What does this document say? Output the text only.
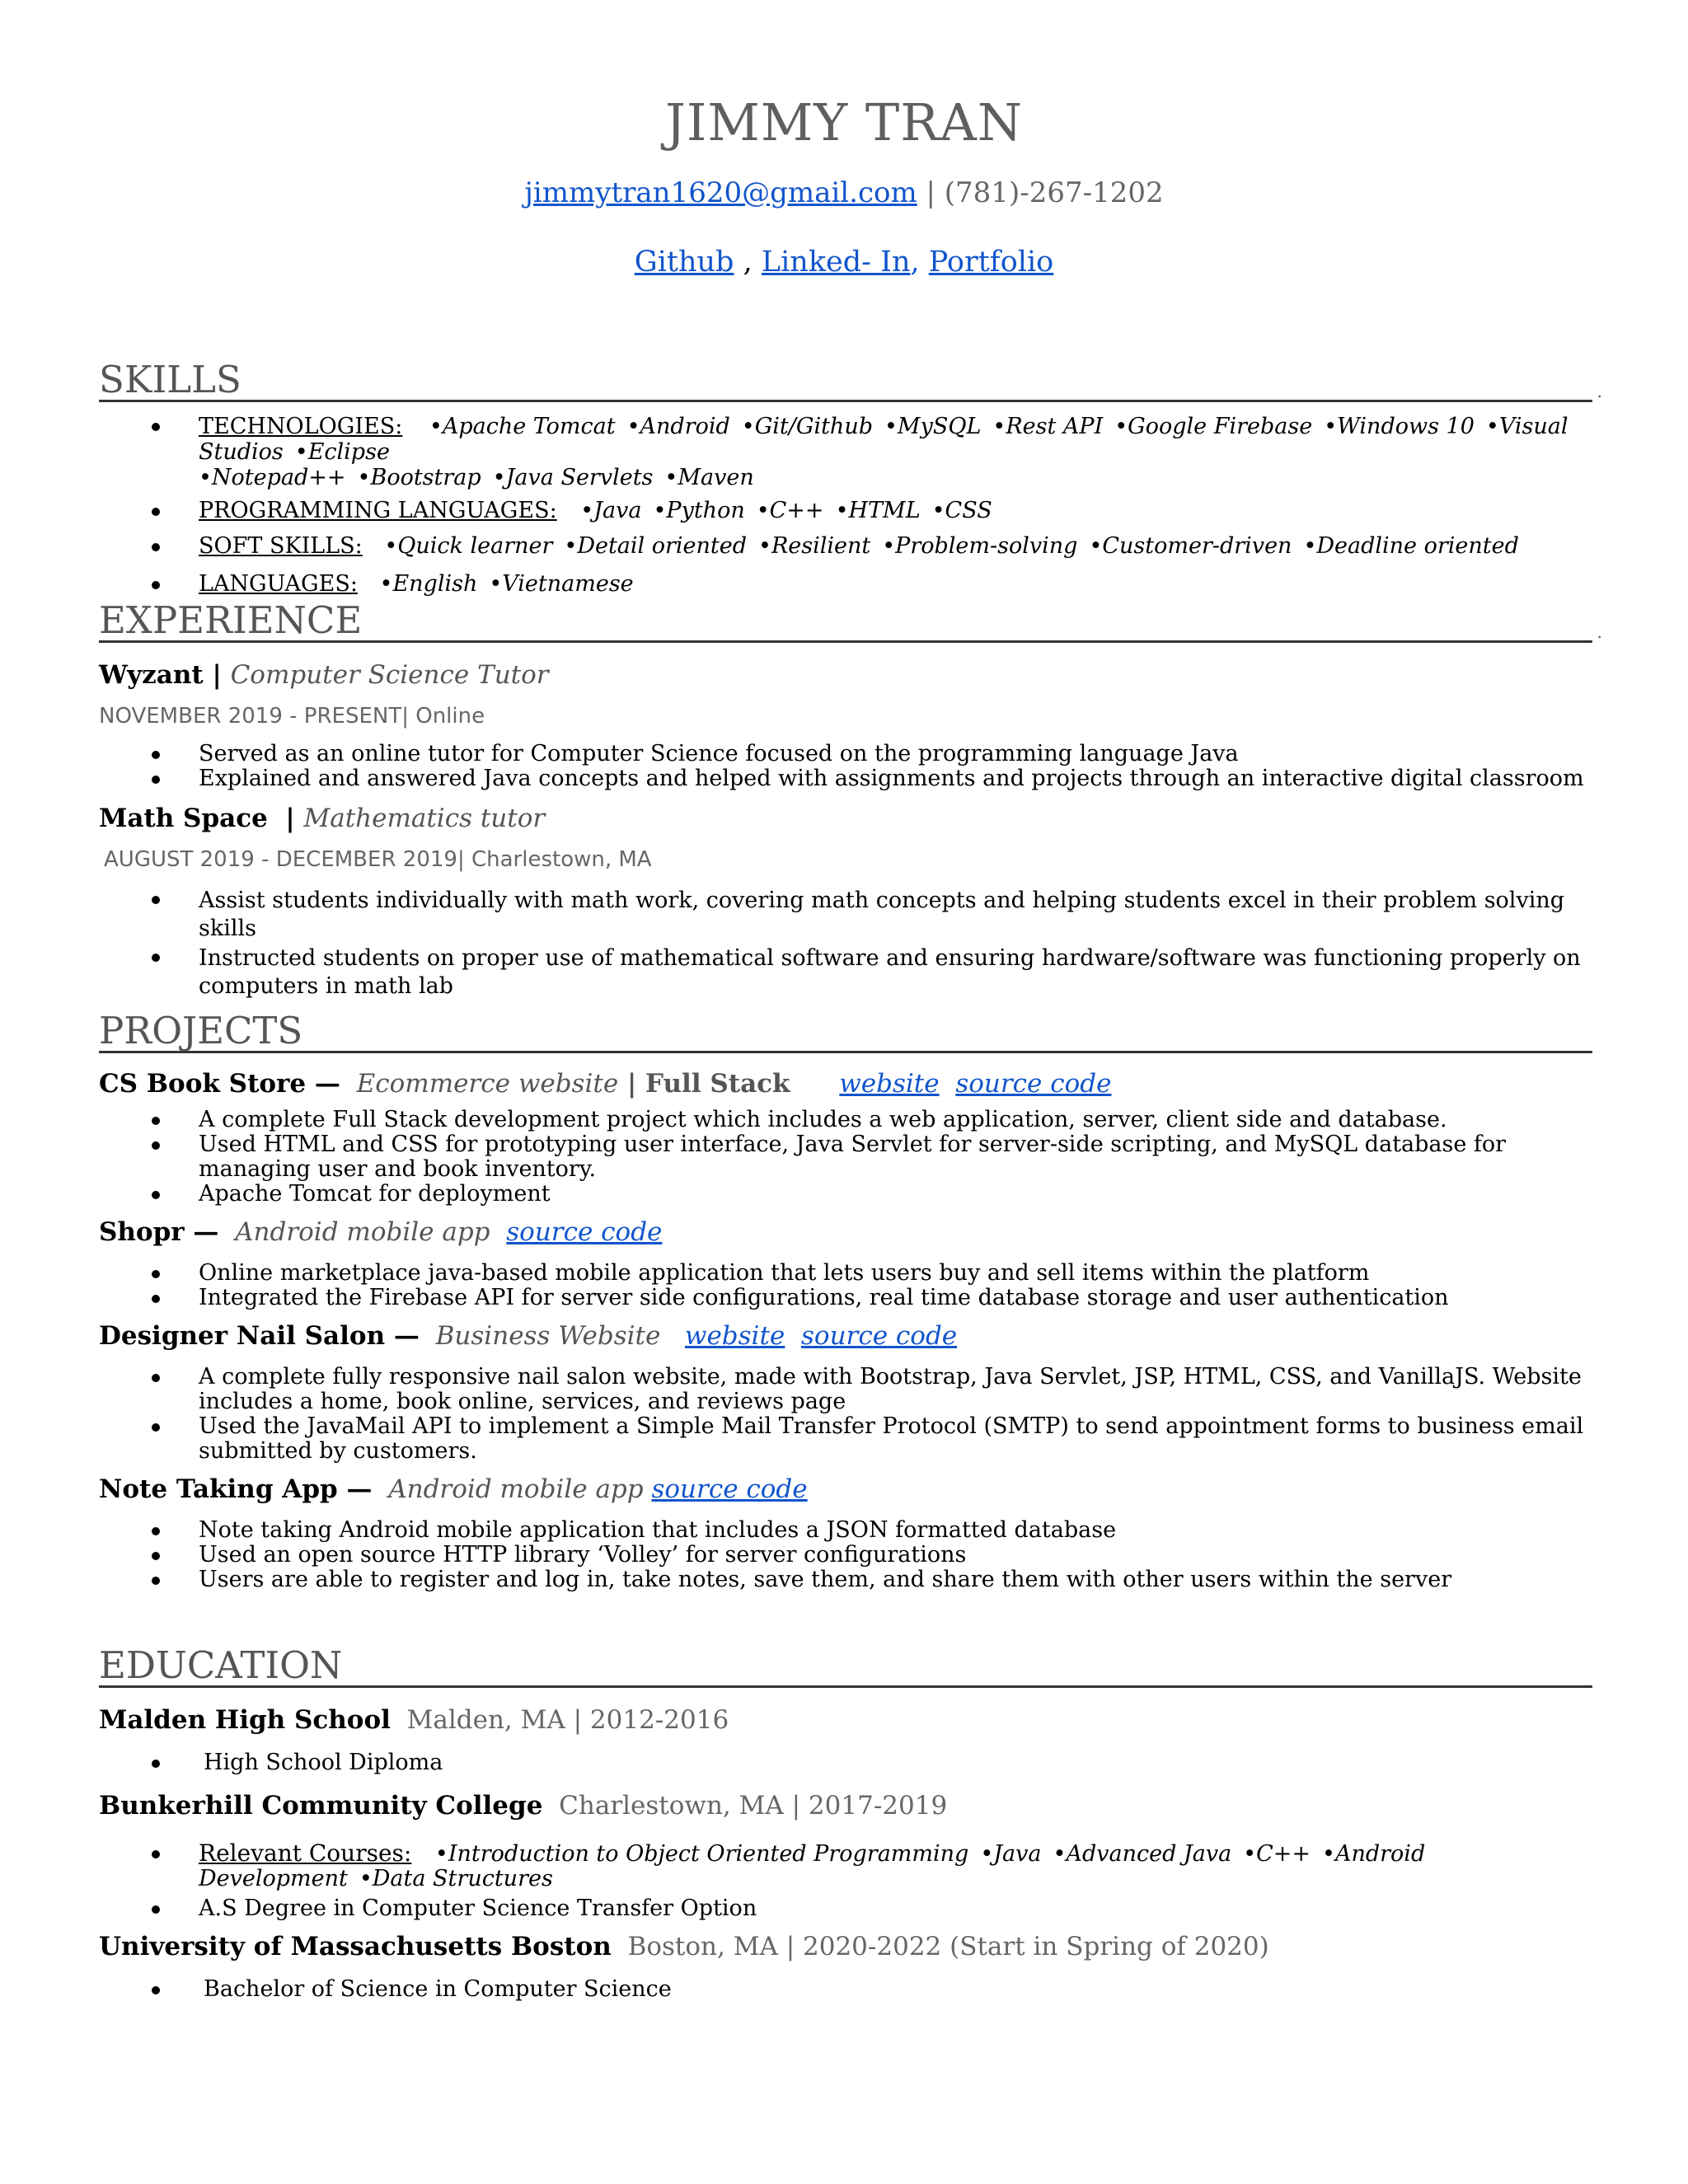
JIMMY TRAN
jimmytran1620@gmail.com | (781)-267-1202
Github , Linked- In, Portfolio
SKILLS	.
TECHNOLOGIES: •Apache Tomcat •Android •Git/Github •MySQL •Rest API •Google Firebase •Windows 10 •Visual Studios •Eclipse
•Notepad++ •Bootstrap •Java Servlets •Maven
PROGRAMMING LANGUAGES: •Java •Python •C++ •HTML •CSS
SOFT SKILLS: •Quick learner •Detail oriented •Resilient •Problem-solving •Customer-driven •Deadline oriented
LANGUAGES: •English •Vietnamese
EXPERIENCE	.
Wyzant | Computer Science Tutor
NOVEMBER 2019 - PRESENT| Online
Served as an online tutor for Computer Science focused on the programming language Java
Explained and answered Java concepts and helped with assignments and projects through an interactive digital classroom
Math Space  | Mathematics tutor
AUGUST 2019 - DECEMBER 2019| Charlestown, MA
Assist students individually with math work, covering math concepts and helping students excel in their problem solving skills
Instructed students on proper use of mathematical software and ensuring hardware/software was functioning properly on computers in math lab
PROJECTS
CS Book Store — Ecommerce website | Full Stack website source code
A complete Full Stack development project which includes a web application, server, client side and database.
Used HTML and CSS for prototyping user interface, Java Servlet for server-side scripting, and MySQL database for managing user and book inventory.
Apache Tomcat for deployment
Shopr — Android mobile app source code
Online marketplace java-based mobile application that lets users buy and sell items within the platform
Integrated the Firebase API for server side configurations, real time database storage and user authentication
Designer Nail Salon — Business Website website source code
A complete fully responsive nail salon website, made with Bootstrap, Java Servlet, JSP, HTML, CSS, and VanillaJS. Website includes a home, book online, services, and reviews page
Used the JavaMail API to implement a Simple Mail Transfer Protocol (SMTP) to send appointment forms to business email submitted by customers.
Note Taking App — Android mobile app source code
Note taking Android mobile application that includes a JSON formatted database
Used an open source HTTP library ‘Volley’ for server configurations
Users are able to register and log in, take notes, save them, and share them with other users within the server
EDUCATION
Malden High School Malden, MA | 2012-2016
High School Diploma
Bunkerhill Community College Charlestown, MA | 2017-2019
Relevant Courses: •Introduction to Object Oriented Programming •Java •Advanced Java •C++ •Android Development •Data Structures
A.S Degree in Computer Science Transfer Option
University of Massachusetts Boston Boston, MA | 2020-2022 (Start in Spring of 2020)
Bachelor of Science in Computer Science
